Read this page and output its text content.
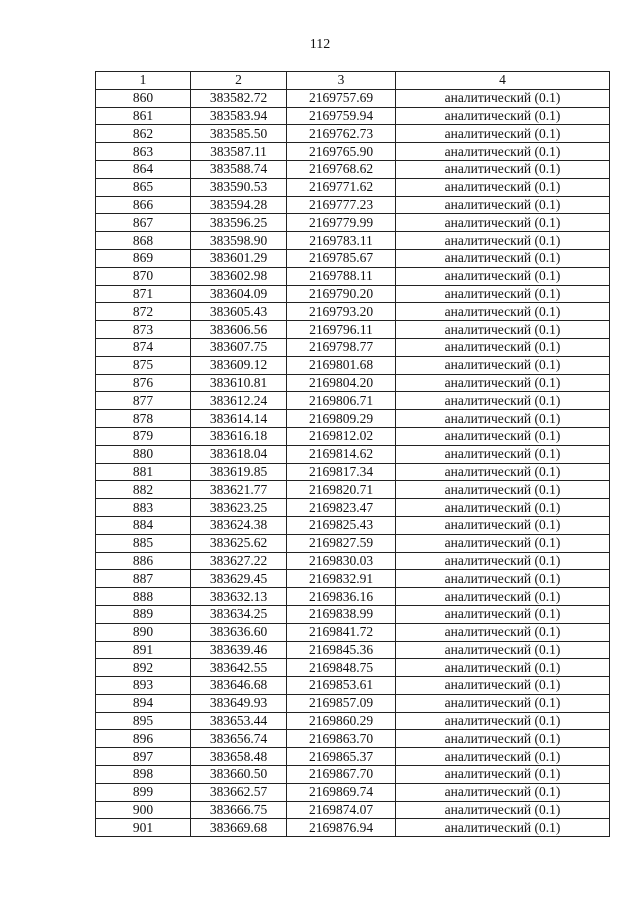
112
1	2	3	4
860	383582.72	2169757.69	аналитический (0.1)
861	383583.94	2169759.94	аналитический (0.1)
862	383585.50	2169762.73	аналитический (0.1)
863	383587.11	2169765.90	аналитический (0.1)
864	383588.74	2169768.62	аналитический (0.1)
865	383590.53	2169771.62	аналитический (0.1)
866	383594.28	2169777.23	аналитический (0.1)
867	383596.25	2169779.99	аналитический (0.1)
868	383598.90	2169783.11	аналитический (0.1)
869	383601.29	2169785.67	аналитический (0.1)
870	383602.98	2169788.11	аналитический (0.1)
871	383604.09	2169790.20	аналитический (0.1)
872	383605.43	2169793.20	аналитический (0.1)
873	383606.56	2169796.11	аналитический (0.1)
874	383607.75	2169798.77	аналитический (0.1)
875	383609.12	2169801.68	аналитический (0.1)
876	383610.81	2169804.20	аналитический (0.1)
877	383612.24	2169806.71	аналитический (0.1)
878	383614.14	2169809.29	аналитический (0.1)
879	383616.18	2169812.02	аналитический (0.1)
880	383618.04	2169814.62	аналитический (0.1)
881	383619.85	2169817.34	аналитический (0.1)
882	383621.77	2169820.71	аналитический (0.1)
883	383623.25	2169823.47	аналитический (0.1)
884	383624.38	2169825.43	аналитический (0.1)
885	383625.62	2169827.59	аналитический (0.1)
886	383627.22	2169830.03	аналитический (0.1)
887	383629.45	2169832.91	аналитический (0.1)
888	383632.13	2169836.16	аналитический (0.1)
889	383634.25	2169838.99	аналитический (0.1)
890	383636.60	2169841.72	аналитический (0.1)
891	383639.46	2169845.36	аналитический (0.1)
892	383642.55	2169848.75	аналитический (0.1)
893	383646.68	2169853.61	аналитический (0.1)
894	383649.93	2169857.09	аналитический (0.1)
895	383653.44	2169860.29	аналитический (0.1)
896	383656.74	2169863.70	аналитический (0.1)
897	383658.48	2169865.37	аналитический (0.1)
898	383660.50	2169867.70	аналитический (0.1)
899	383662.57	2169869.74	аналитический (0.1)
900	383666.75	2169874.07	аналитический (0.1)
901	383669.68	2169876.94	аналитический (0.1)
